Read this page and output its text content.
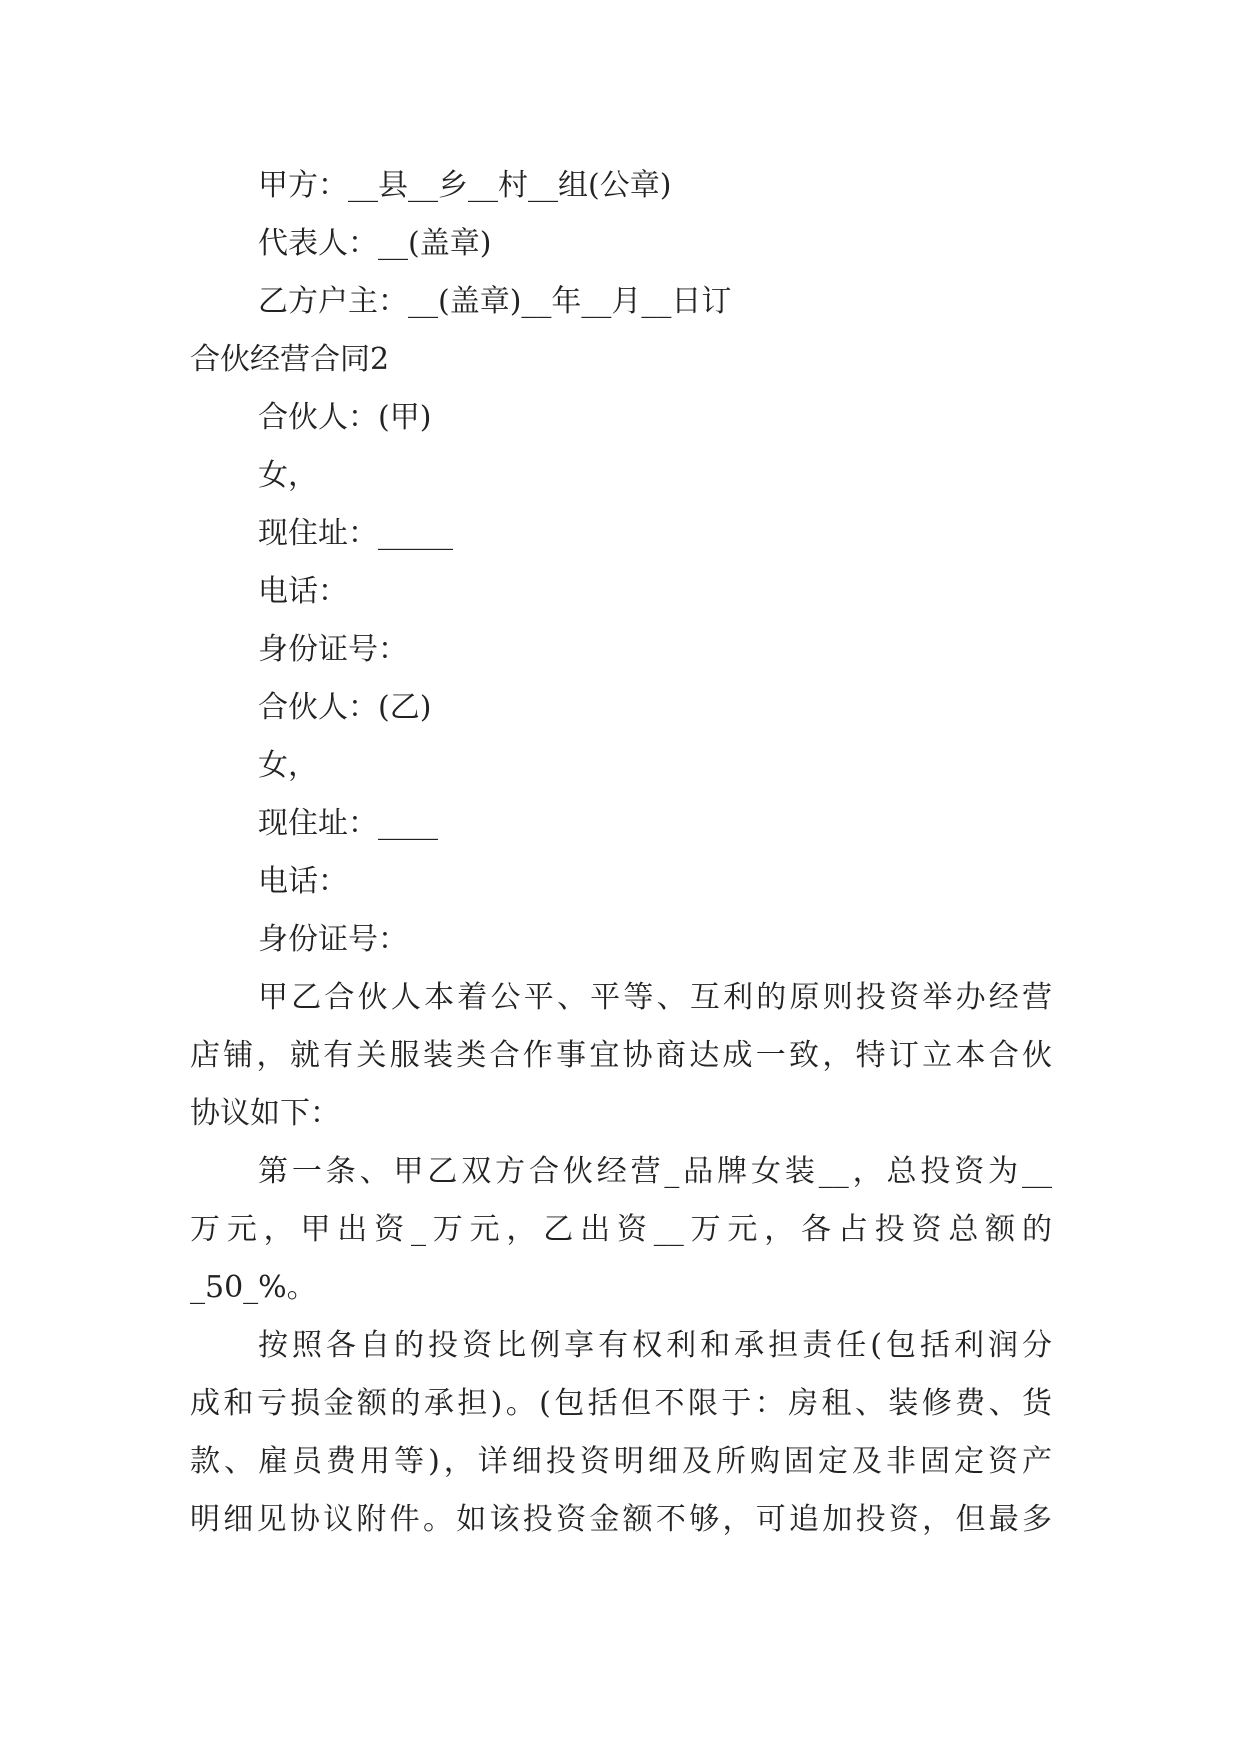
甲方：__县__乡__村__组(公章)
代表人：__(盖章)
乙方户主：__(盖章)__年__月__日订
合伙经营合同2
合伙人：(甲)
女，
现住址：_____
电话：
身份证号：
合伙人：(乙)
女，
现住址：____
电话：
身份证号：
甲乙合伙人本着公平、平等、互利的原则投资举办经营
店铺，就有关服装类合作事宜协商达成一致，特订立本合伙
协议如下：
第一条、甲乙双方合伙经营_品牌女装__，总投资为__
万元，甲出资_万元，乙出资__万元，各占投资总额的
_50_%。
按照各自的投资比例享有权利和承担责任(包括利润分
成和亏损金额的承担)。(包括但不限于：房租、装修费、货
款、雇员费用等)，详细投资明细及所购固定及非固定资产
明细见协议附件。如该投资金额不够，可追加投资，但最多
